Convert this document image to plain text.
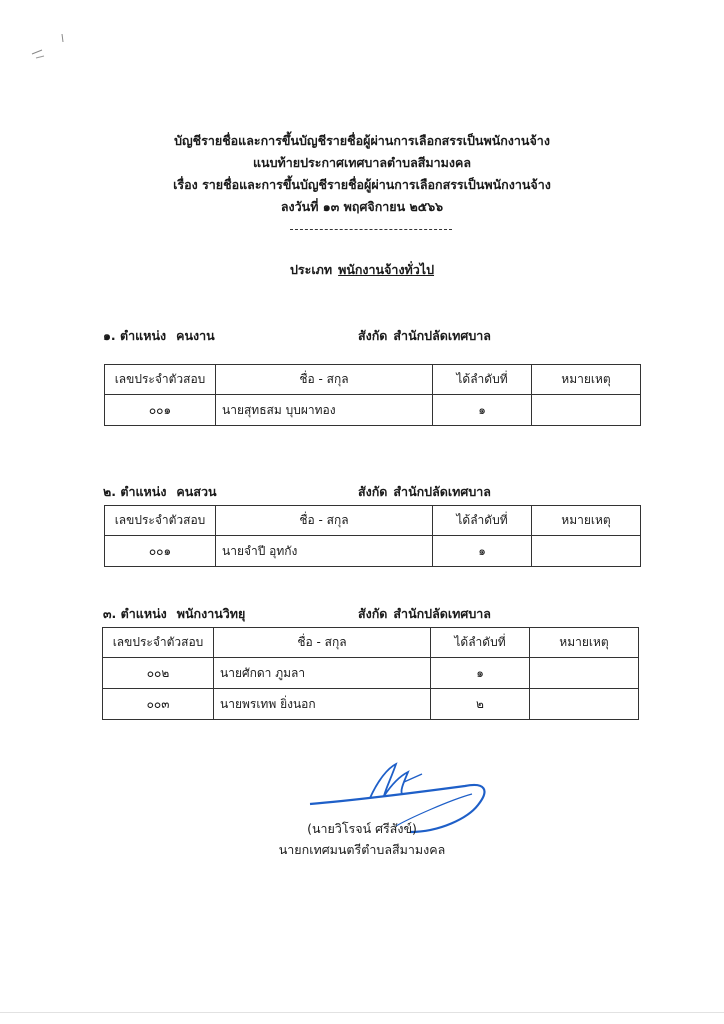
บัญชีรายชื่อและการขึ้นบัญชีรายชื่อผู้ผ่านการเลือกสรรเป็นพนักงานจ้าง
แนบท้ายประกาศเทศบาลตำบลสีมามงคล
เรื่อง รายชื่อและการขึ้นบัญชีรายชื่อผู้ผ่านการเลือกสรรเป็นพนักงานจ้าง
ลงวันที่ ๑๓ พฤศจิกายน ๒๕๖๖
ประเภท พนักงานจ้างทั่วไป
๑. ตำแหน่ง คนงาน	สังกัด สำนักปลัดเทศบาล
เลขประจำตัวสอบ	ชื่อ - สกุล	ได้ลำดับที่	หมายเหตุ
๐๐๑	นายสุทธสม บุบผาทอง	๑	
๒. ตำแหน่ง คนสวน	สังกัด สำนักปลัดเทศบาล
เลขประจำตัวสอบ	ชื่อ - สกุล	ได้ลำดับที่	หมายเหตุ
๐๐๑	นายจำปี อุทกัง	๑	
๓. ตำแหน่ง พนักงานวิทยุ	สังกัด สำนักปลัดเทศบาล
เลขประจำตัวสอบ	ชื่อ - สกุล	ได้ลำดับที่	หมายเหตุ
๐๐๒	นายศักดา ภูมลา	๑	
๐๐๓	นายพรเทพ ยิ่งนอก	๒	
(นายวิโรจน์ ศรีสังข์)
นายกเทศมนตรีตำบลสีมามงคล
